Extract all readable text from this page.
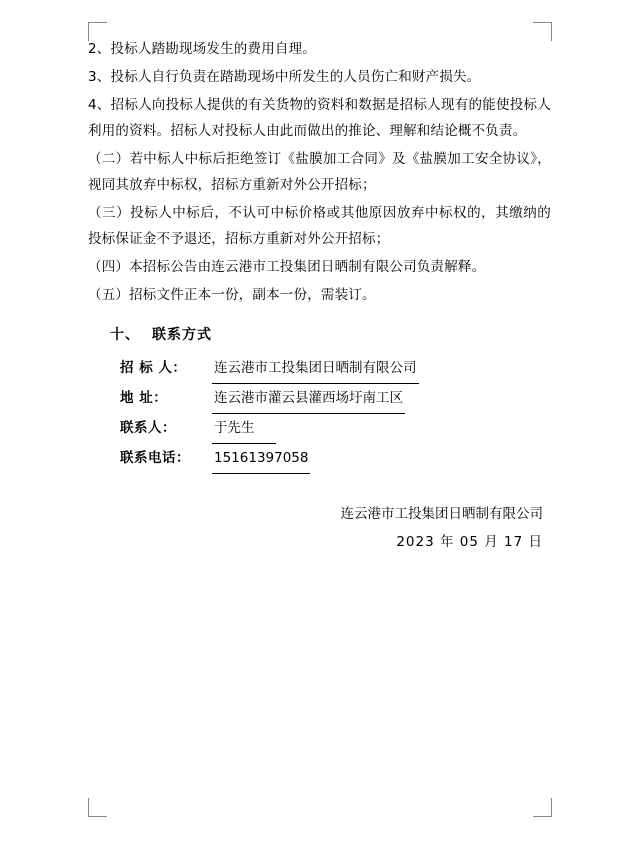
2、投标人踏勘现场发生的费用自理。

3、投标人自行负责在踏勘现场中所发生的人员伤亡和财产损失。

4、招标人向投标人提供的有关货物的资料和数据是招标人现有的能使投标人利用的资料。招标人对投标人由此而做出的推论、理解和结论概不负责。

（二）若中标人中标后拒绝签订《盐膜加工合同》及《盐膜加工安全协议》，视同其放弃中标权，招标方重新对外公开招标；

（三）投标人中标后，不认可中标价格或其他原因放弃中标权的，其缴纳的投标保证金不予退还，招标方重新对外公开招标；

（四）本招标公告由连云港市工投集团日晒制有限公司负责解释。

（五）招标文件正本一份，副本一份，需装订。

十、 联系方式
招 标 人：	连云港市工投集团日晒制有限公司
地 址：	连云港市灌云县灌西场圩南工区
联系人：	于先生
联系电话：	15161397058
连云港市工投集团日晒制有限公司
2023 年 05 月 17 日
